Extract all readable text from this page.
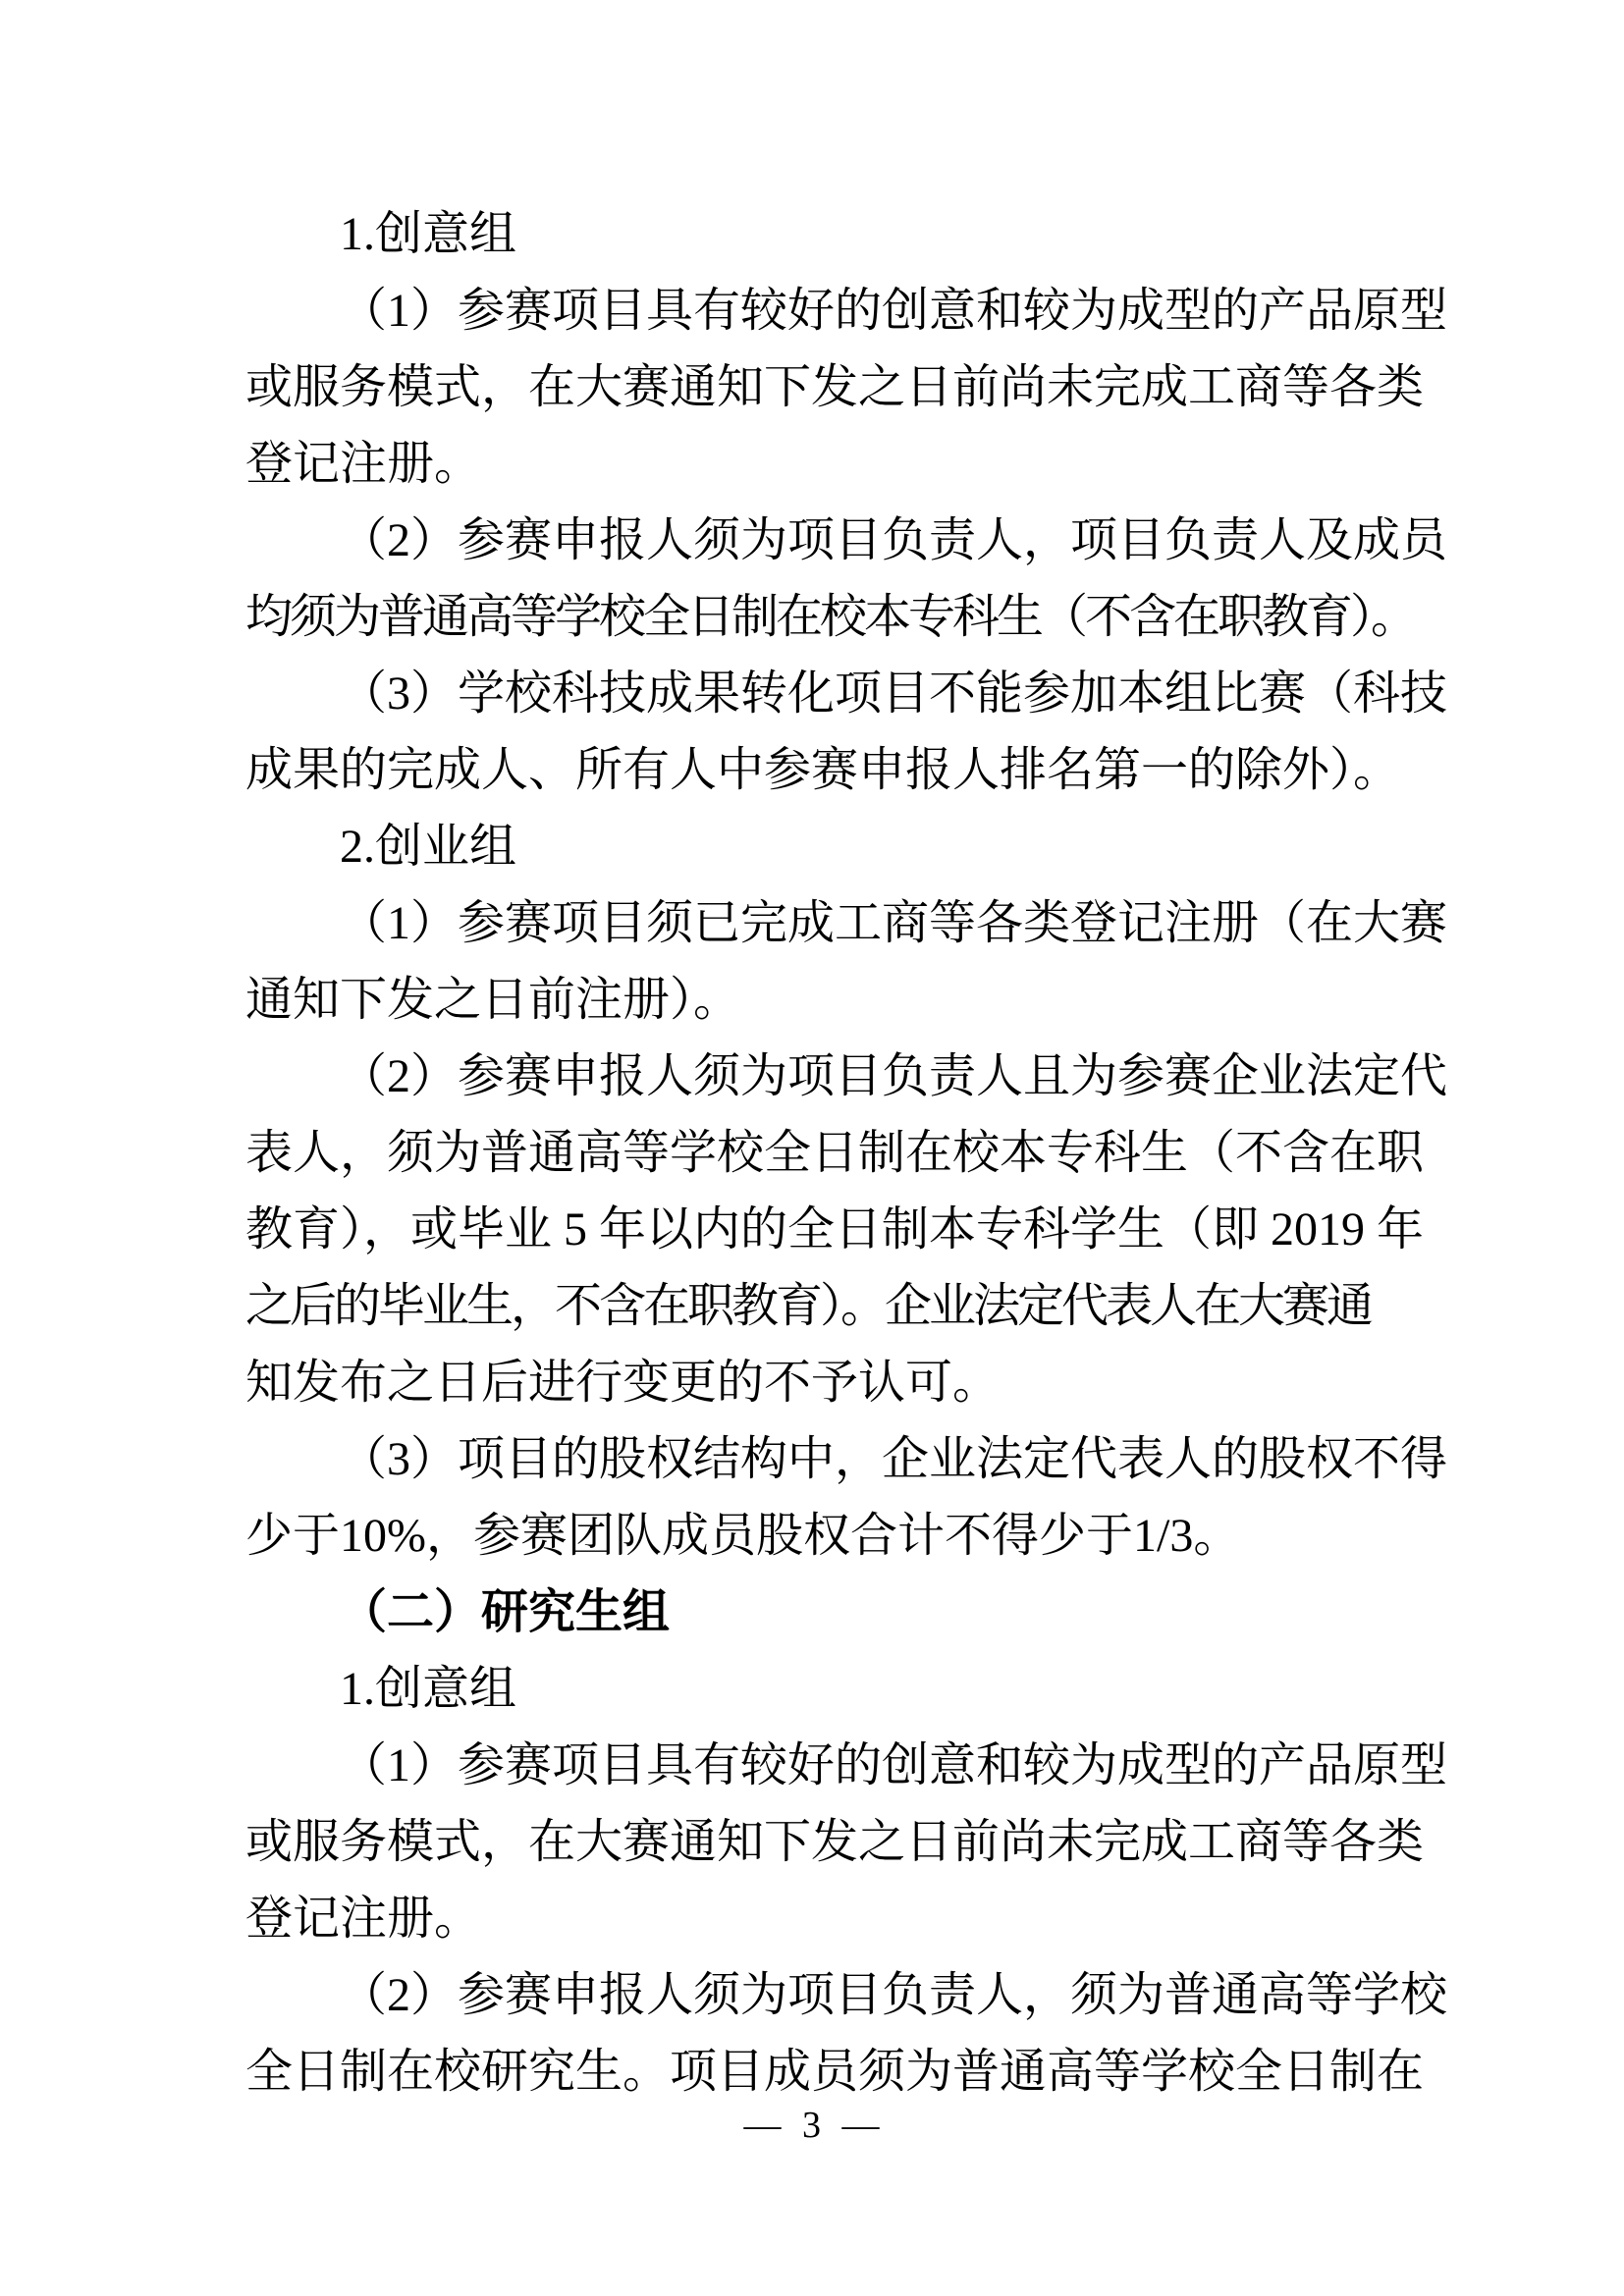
1.创意组
（1）参赛项目具有较好的创意和较为成型的产品原型
或服务模式，在大赛通知下发之日前尚未完成工商等各类
登记注册。
（2）参赛申报人须为项目负责人，项目负责人及成员
均须为普通高等学校全日制在校本专科生（不含在职教育）。
（3）学校科技成果转化项目不能参加本组比赛（科技
成果的完成人、所有人中参赛申报人排名第一的除外）。
2.创业组
（1）参赛项目须已完成工商等各类登记注册（在大赛
通知下发之日前注册）。
（2）参赛申报人须为项目负责人且为参赛企业法定代
表人，须为普通高等学校全日制在校本专科生（不含在职
教育），或毕业 5 年以内的全日制本专科学生（即 2019 年
之后的毕业生，不含在职教育）。企业法定代表人在大赛通
知发布之日后进行变更的不予认可。
（3）项目的股权结构中，企业法定代表人的股权不得
少于10%，参赛团队成员股权合计不得少于1/3。
（二）研究生组
1.创意组
（1）参赛项目具有较好的创意和较为成型的产品原型
或服务模式，在大赛通知下发之日前尚未完成工商等各类
登记注册。
（2）参赛申报人须为项目负责人，须为普通高等学校
全日制在校研究生。项目成员须为普通高等学校全日制在
— 3 —
